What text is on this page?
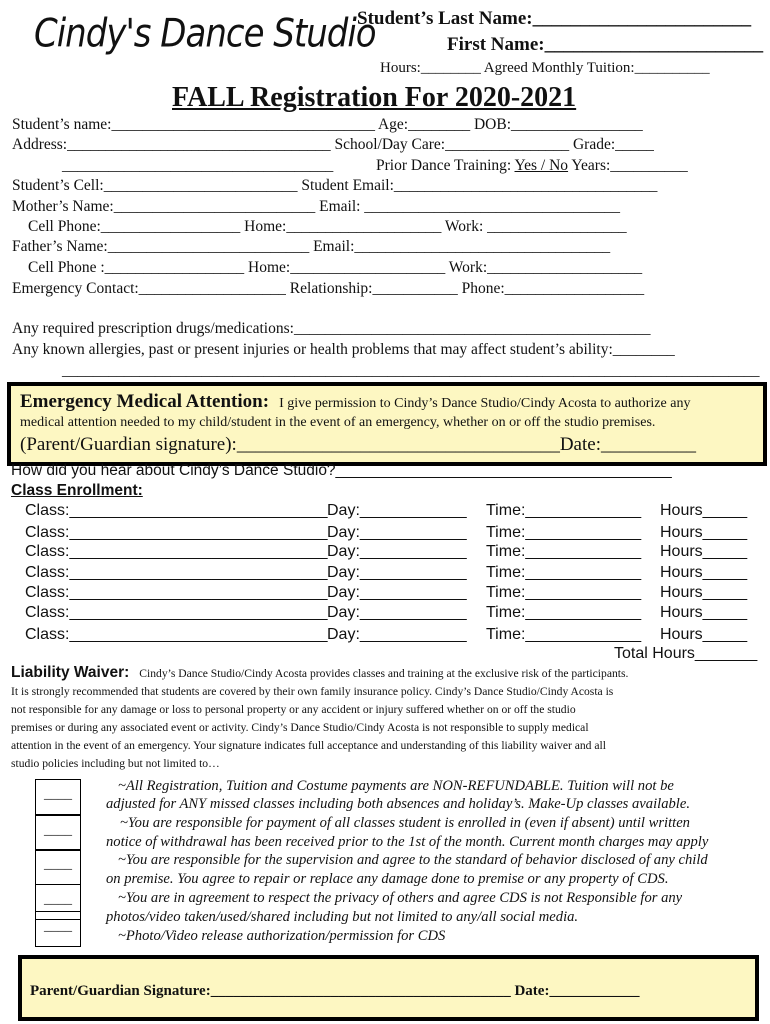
Cindy's Dance Studio
Student’s Last Name:_______________________
First Name:_______________________
Hours:________ Agreed Monthly Tuition:__________
FALL Registration For 2020-2021
Student’s name:__________________________________ Age:________ DOB:_________________
Address:__________________________________ School/Day Care:________________ Grade:_____
___________________________________	Prior Dance Training: Yes / No Years:__________
Student’s Cell:_________________________ Student Email:__________________________________
Mother’s Name:__________________________ Email: _________________________________
Cell Phone:__________________ Home:____________________ Work: __________________
Father’s Name:__________________________ Email:_________________________________
Cell Phone :__________________ Home:____________________ Work:____________________
Emergency Contact:___________________ Relationship:___________ Phone:__________________
Any required prescription drugs/medications:______________________________________________
Any known allergies, past or present injuries or health problems that may affect student’s ability:________
__________________________________________________________________________________________
Emergency Medical Attention: I give permission to Cindy’s Dance Studio/Cindy Acosta to authorize any
medical attention needed to my child/student in the event of an emergency, whether on or off the studio premises.
(Parent/Guardian signature):__________________________________Date:__________
How did you hear about Cindy’s Dance Studio?_______________________________________
Class Enrollment:
Class:_____________________________ Day:____________ Time:_____________ Hours_____
Class:_____________________________ Day:____________ Time:_____________ Hours_____
Class:_____________________________ Day:____________ Time:_____________ Hours_____
Class:_____________________________ Day:____________ Time:_____________ Hours_____
Class:_____________________________ Day:____________ Time:_____________ Hours_____
Class:_____________________________ Day:____________ Time:_____________ Hours_____
Class:_____________________________ Day:____________ Time:_____________ Hours_____
Total Hours_______
Liability Waiver: Cindy’s Dance Studio/Cindy Acosta provides classes and training at the exclusive risk of the participants.
It is strongly recommended that students are covered by their own family insurance policy. Cindy’s Dance Studio/Cindy Acosta is
not responsible for any damage or loss to personal property or any accident or injury suffered whether on or off the studio
premises or during any associated event or activity. Cindy’s Dance Studio/Cindy Acosta is not responsible to supply medical
attention in the event of an emergency. Your signature indicates full acceptance and understanding of this liability waiver and all
studio policies including but not limited to…
____
____
____
____
____
~All Registration, Tuition and Costume payments are NON-REFUNDABLE. Tuition will not be
adjusted for ANY missed classes including both absences and holiday’s. Make-Up classes available.
~You are responsible for payment of all classes student is enrolled in (even if absent) until written
notice of withdrawal has been received prior to the 1st of the month. Current month charges may apply
~You are responsible for the supervision and agree to the standard of behavior disclosed of any child
on premise. You agree to repair or replace any damage done to premise or any property of CDS.
~You are in agreement to respect the privacy of others and agree CDS is not Responsible for any
photos/video taken/used/shared including but not limited to any/all social media.
~Photo/Video release authorization/permission for CDS
Parent/Guardian Signature:________________________________________ Date:____________
